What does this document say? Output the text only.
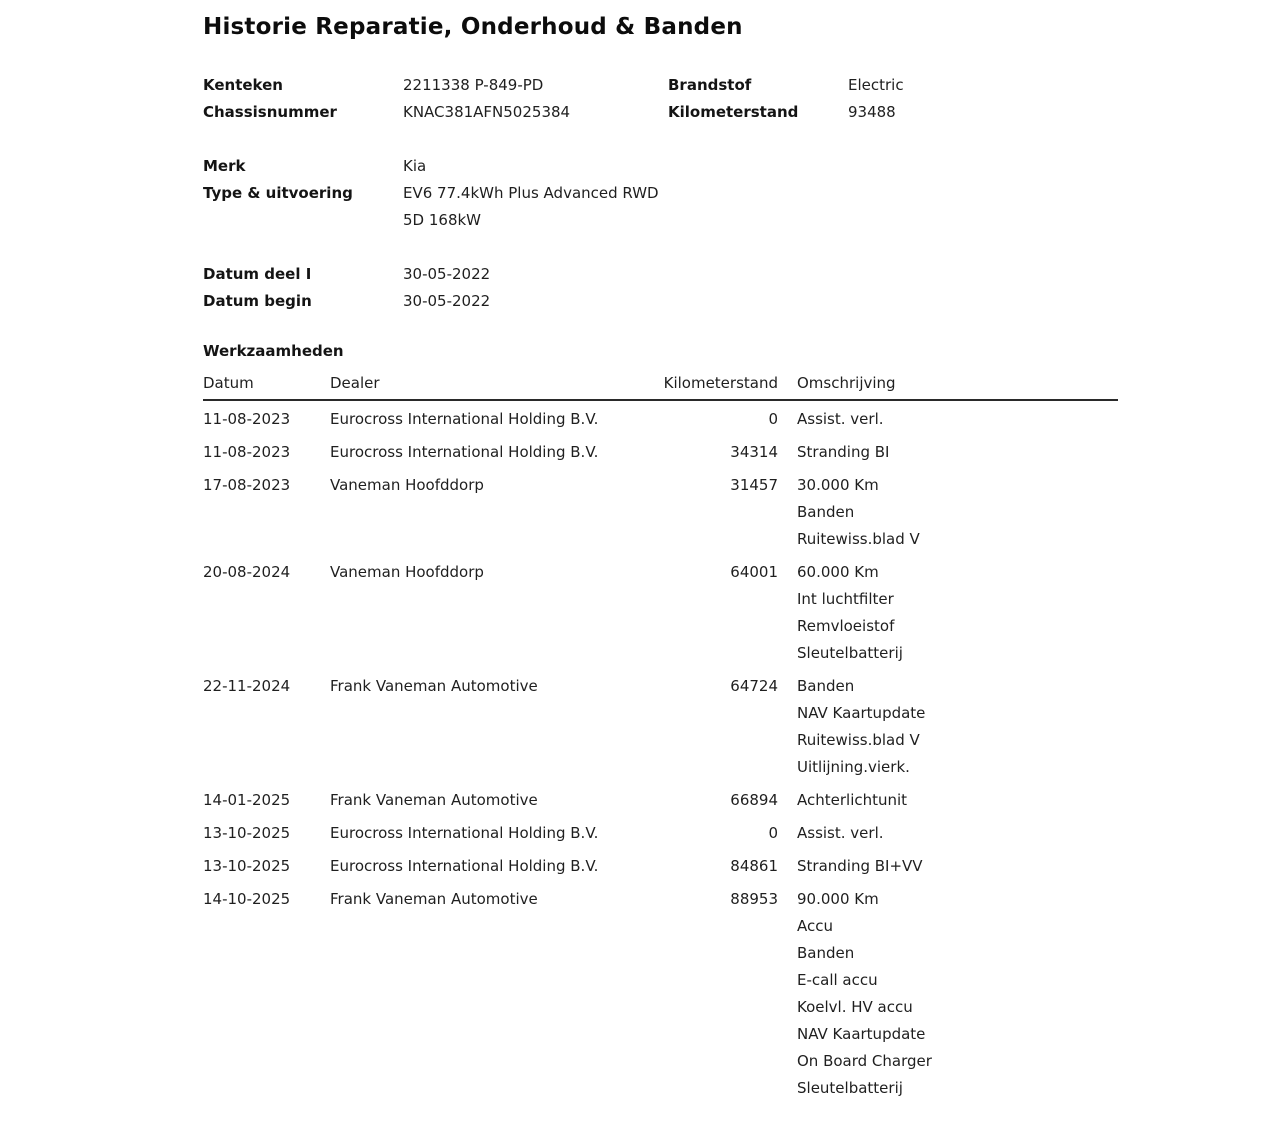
Historie Reparatie, Onderhoud & Banden
Kenteken	2211338 P-849-PD	Brandstof	Electric
Chassisnummer	KNAC381AFN5025384	Kilometerstand	93488
Merk	Kia
Type & uitvoering	EV6 77.4kWh Plus Advanced RWD 5D 168kW
Datum deel I	30-05-2022
Datum begin	30-05-2022
Werkzaamheden
Datum	Dealer	Kilometerstand Omschrijving
11-08-2023	Eurocross International Holding B.V.	0 Assist. verl.
11-08-2023	Eurocross International Holding B.V.	34314 Stranding BI
17-08-2023	Vaneman Hoofddorp	31457 30.000 Km
Banden
Ruitewiss.blad V
20-08-2024	Vaneman Hoofddorp	64001 60.000 Km
Int luchtfilter
Remvloeistof
Sleutelbatterij
22-11-2024	Frank Vaneman Automotive	64724 Banden
NAV Kaartupdate
Ruitewiss.blad V
Uitlijning.vierk.
14-01-2025	Frank Vaneman Automotive	66894 Achterlichtunit
13-10-2025	Eurocross International Holding B.V.	0 Assist. verl.
13-10-2025	Eurocross International Holding B.V.	84861 Stranding BI+VV
14-10-2025	Frank Vaneman Automotive	88953 90.000 Km
Accu
Banden
E-call accu
Koelvl. HV accu
NAV Kaartupdate
On Board Charger
Sleutelbatterij
